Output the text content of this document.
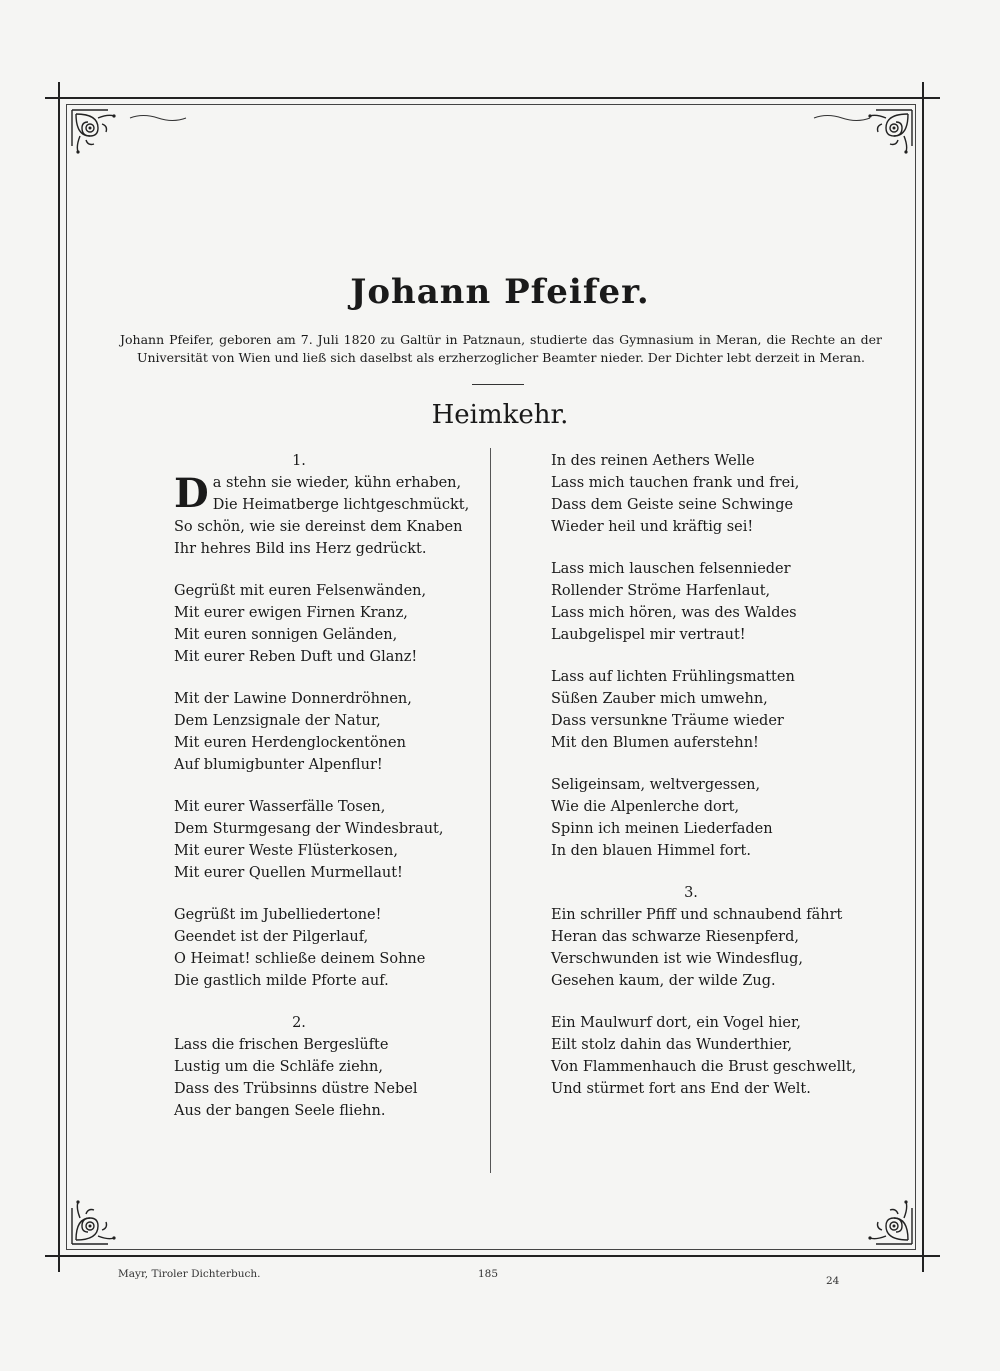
Johann Pfeifer.
Johann Pfeifer, geboren am 7. Juli 1820 zu Galtür in Patznaun, studierte das Gymnasium in Meran, die Rechte an der Universität von Wien und ließ sich daselbst als erzherzoglicher Beamter nieder. Der Dichter lebt derzeit in Meran.
Heimkehr.

1.

D a stehn sie wieder, kühn erhaben,
Die Heimatberge lichtgeschmückt,
So schön, wie sie dereinst dem Knaben
Ihr hehres Bild ins Herz gedrückt.
Gegrüßt mit euren Felsenwänden,
Mit eurer ewigen Firnen Kranz,
Mit euren sonnigen Geländen,
Mit eurer Reben Duft und Glanz!
Mit der Lawine Donnerdröhnen,
Dem Lenzsignale der Natur,
Mit euren Herdenglockentönen
Auf blumigbunter Alpenflur!
Mit eurer Wasserfälle Tosen,
Dem Sturmgesang der Windesbraut,
Mit eurer Weste Flüsterkosen,
Mit eurer Quellen Murmellaut!
Gegrüßt im Jubelliedertone!
Geendet ist der Pilgerlauf,
O Heimat! schließe deinem Sohne
Die gastlich milde Pforte auf.

2.

Lass die frischen Bergeslüfte
Lustig um die Schläfe ziehn,
Dass des Trübsinns düstre Nebel
Aus der bangen Seele fliehn.
In des reinen Aethers Welle
Lass mich tauchen frank und frei,
Dass dem Geiste seine Schwinge
Wieder heil und kräftig sei!
Lass mich lauschen felsennieder
Rollender Ströme Harfenlaut,
Lass mich hören, was des Waldes
Laubgelispel mir vertraut!
Lass auf lichten Frühlingsmatten
Süßen Zauber mich umwehn,
Dass versunkne Träume wieder
Mit den Blumen auferstehn!
Seligeinsam, weltvergessen,
Wie die Alpenlerche dort,
Spinn ich meinen Liederfaden
In den blauen Himmel fort.

3.

Ein schriller Pfiff und schnaubend fährt
Heran das schwarze Riesenpferd,
Verschwunden ist wie Windesflug,
Gesehen kaum, der wilde Zug.
Ein Maulwurf dort, ein Vogel hier,
Eilt stolz dahin das Wunderthier,
Von Flammenhauch die Brust geschwellt,
Und stürmet fort ans End der Welt.
Mayr, Tiroler Dichterbuch.	185
24
